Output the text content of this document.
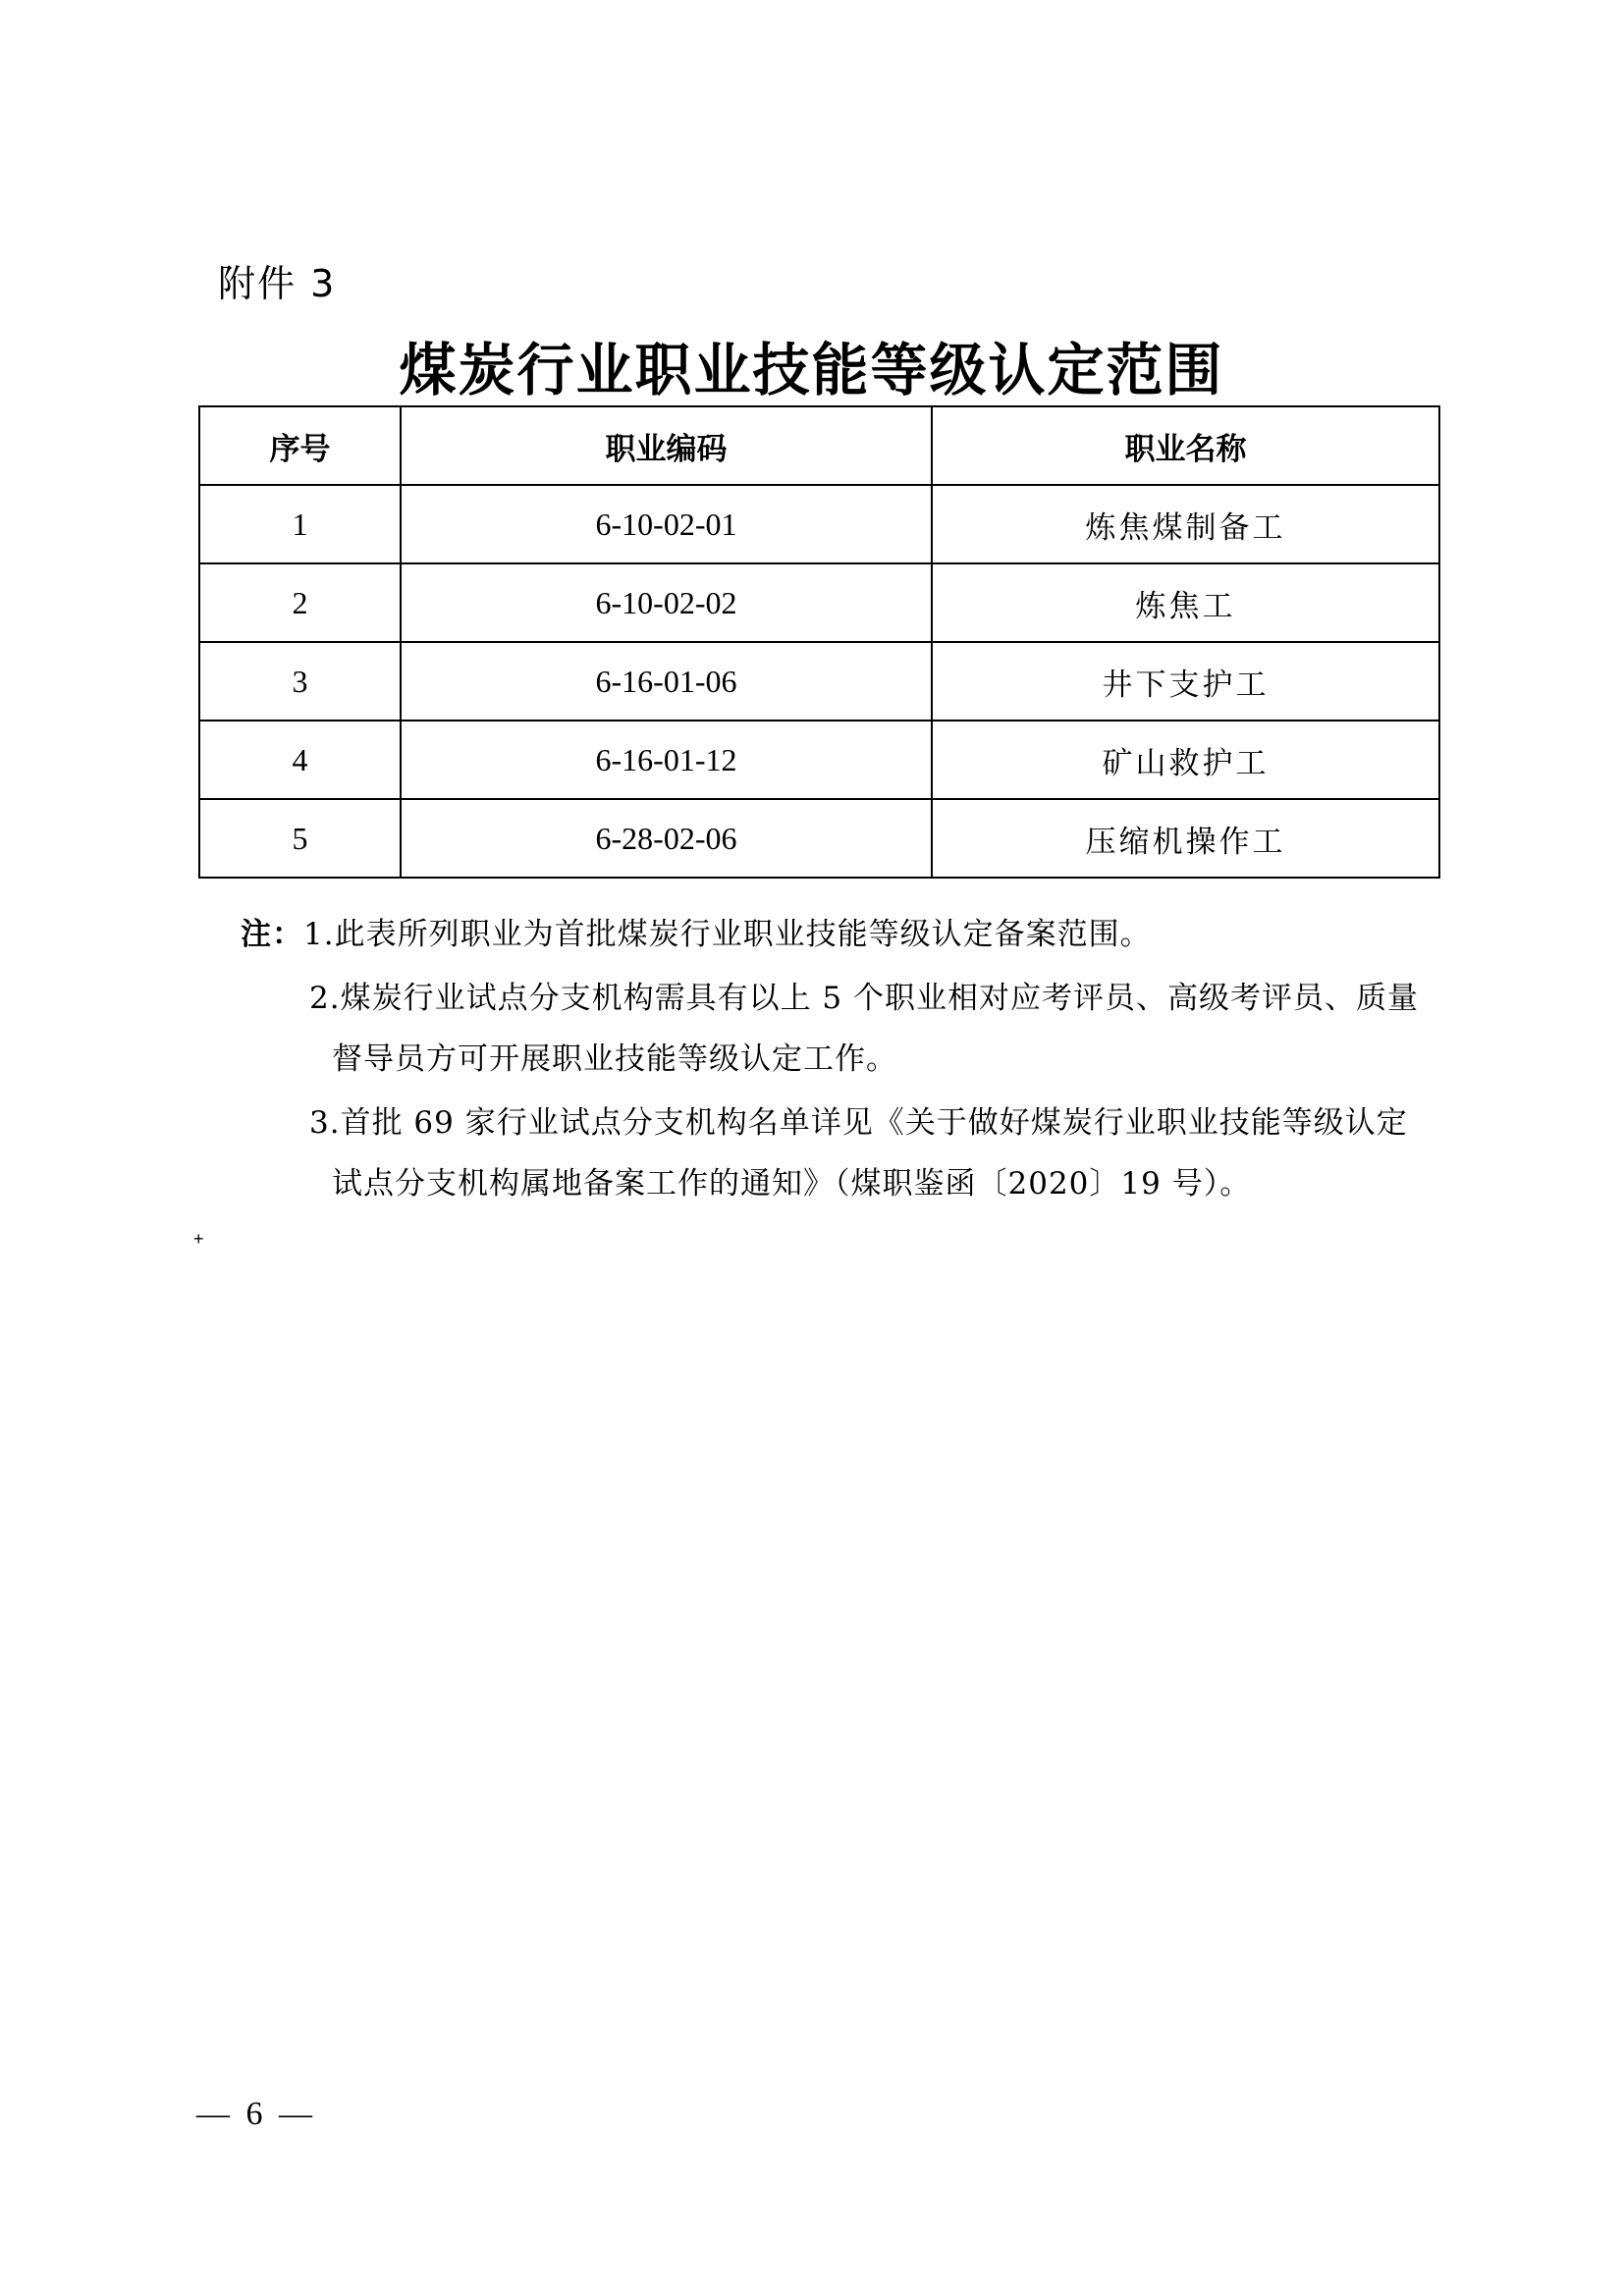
附件 3
煤炭行业职业技能等级认定范围
序号	职业编码	职业名称
1	6-10-02-01	炼焦煤制备工
2	6-10-02-02	炼焦工
3	6-16-01-06	井下支护工
4	6-16-01-12	矿山救护工
5	6-28-02-06	压缩机操作工
注：1.此表所列职业为首批煤炭行业职业技能等级认定备案范围。
2.煤炭行业试点分支机构需具有以上 5 个职业相对应考评员、高级考评员、质量
督导员方可开展职业技能等级认定工作。
3.首批 69 家行业试点分支机构名单详见《关于做好煤炭行业职业技能等级认定
试点分支机构属地备案工作的通知》（煤职鉴函〔2020〕19 号）。
+
— 6 —
